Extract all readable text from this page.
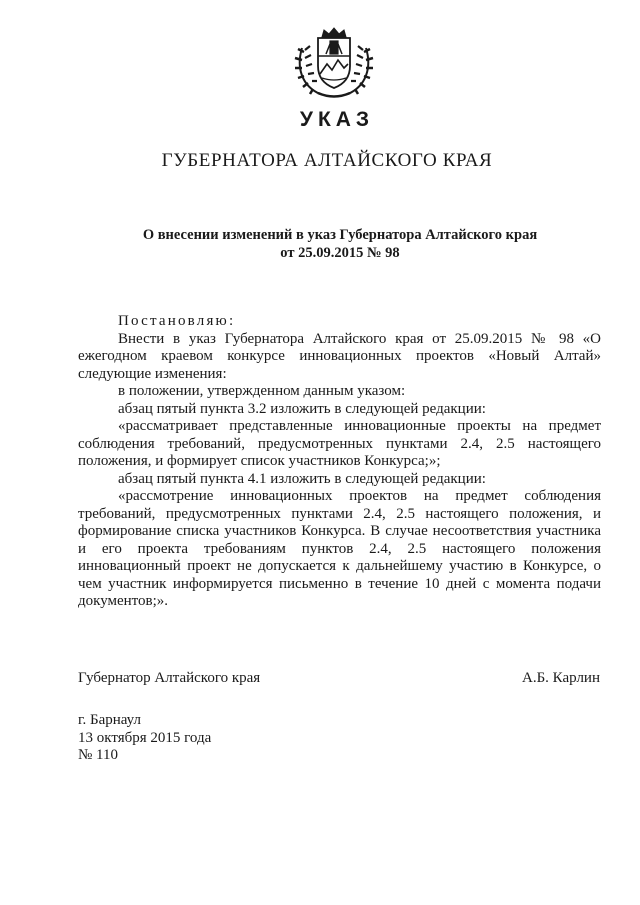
УКАЗ
ГУБЕРНАТОРА АЛТАЙСКОГО КРАЯ
О внесении изменений в указ Губернатора Алтайского края
от 25.09.2015 № 98

Постановляю:

Внести в указ Губернатора Алтайского края от 25.09.2015 № 98 «О ежегодном краевом конкурсе инновационных проектов «Новый Алтай» следующие изменения:

в положении, утвержденном данным указом:

абзац пятый пункта 3.2 изложить в следующей редакции:

«рассматривает представленные инновационные проекты на предмет соблюдения требований, предусмотренных пунктами 2.4, 2.5 настоящего положения, и формирует список участников Конкурса;»;

абзац пятый пункта 4.1 изложить в следующей редакции:

«рассмотрение инновационных проектов на предмет соблюдения требований, предусмотренных пунктами 2.4, 2.5 настоящего положения, и формирование списка участников Конкурса. В случае несоответствия участника и его проекта требованиям пунктов 2.4, 2.5 настоящего положения инновационный проект не допускается к дальнейшему участию в Конкурсе, о чем участник информируется письменно в течение 10 дней с момента подачи документов;».

Губернатор Алтайского края	А.Б. Карлин
г. Барнаул
13 октября 2015 года
№ 110
